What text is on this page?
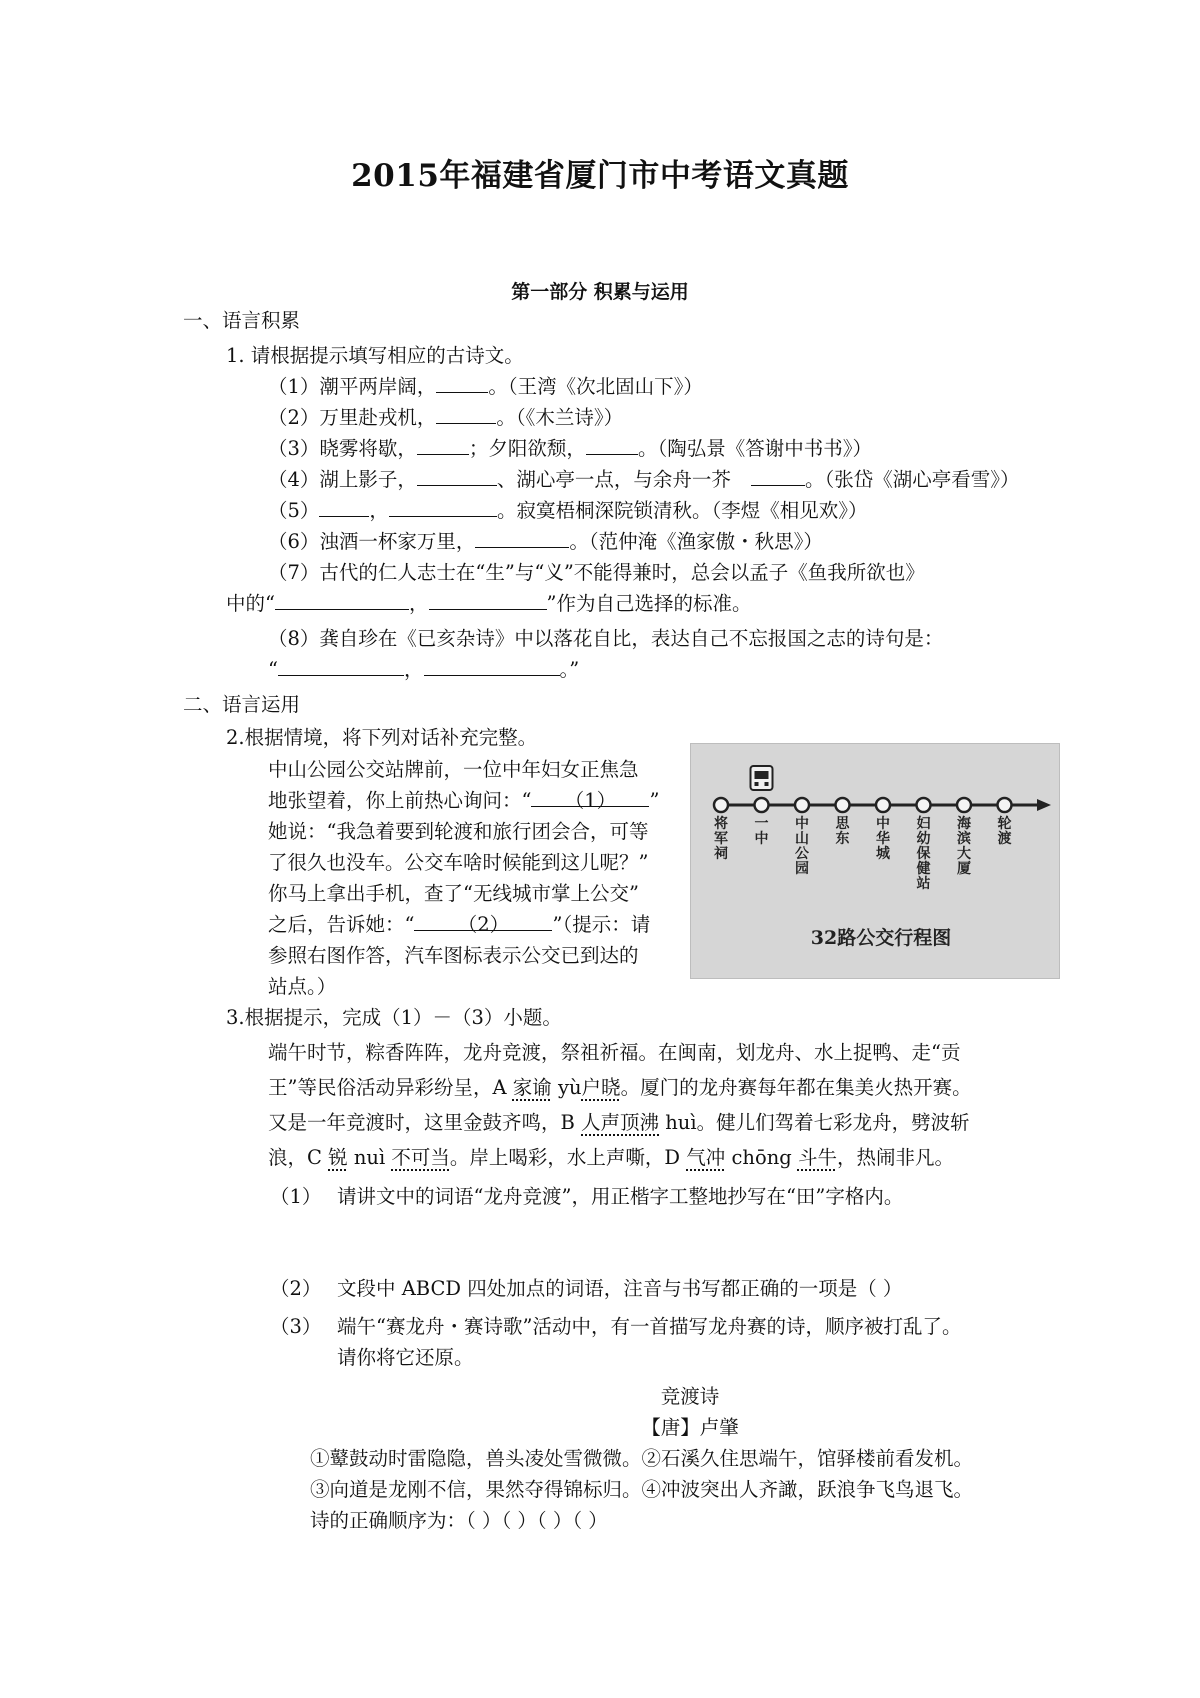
2015年福建省厦门市中考语文真题
第一部分 积累与运用
一、语言积累
1. 请根据提示填写相应的古诗文。
（1）潮平两岸阔，	。（王湾《次北固山下》）
（2）万里赴戎机，	。（《木兰诗》）
（3）晓雾将歇，	；夕阳欲颓，	。（陶弘景《答谢中书书》）
（4）湖上影子，	、湖心亭一点，与余舟一芥	。（张岱《湖心亭看雪》）
（5）	，	。寂寞梧桐深院锁清秋。（李煜《相见欢》）
（6）浊酒一杯家万里，	。（范仲淹《渔家傲・秋思》）
（7）古代的仁人志士在“生”与“义”不能得兼时，总会以孟子《鱼我所欲也》
中的“	，	”作为自己选择的标准。
（8）龚自珍在《已亥杂诗》中以落花自比，表达自己不忘报国之志的诗句是：
“	，	。”
二、语言运用
2.根据情境，将下列对话补充完整。
中山公园公交站牌前，一位中年妇女正焦急
地张望着，你上前热心询问：“ （1） ”
她说：“我急着要到轮渡和旅行团会合，可等
了很久也没车。公交车啥时候能到这儿呢？”
你马上拿出手机，查了“无线城市掌上公交”
之后，告诉她：“ （2） ”（提示：请
参照右图作答，汽车图标表示公交已到达的
站点。）
将军祠
一中
中山公园
思东
中华城
妇幼保健站
海滨大厦
轮渡
32路公交行程图
3.根据提示，完成（1）－（3）小题。
端午时节，粽香阵阵，龙舟竞渡，祭祖祈福。在闽南，划龙舟、水上捉鸭、走“贡
王”等民俗活动异彩纷呈，A 家谕 yù户晓。厦门的龙舟赛每年都在集美火热开赛。
又是一年竞渡时，这里金鼓齐鸣，B 人声顶沸 huì。健儿们驾着七彩龙舟，劈波斩
浪，C 锐 nuì 不可当。岸上喝彩，水上声嘶，D 气冲 chōng 斗牛，热闹非凡。
（1） 请讲文中的词语“龙舟竞渡”，用正楷字工整地抄写在“田”字格内。
（2） 文段中 ABCD 四处加点的词语，注音与书写都正确的一项是（ ）
（3） 端午“赛龙舟・赛诗歌”活动中，有一首描写龙舟赛的诗，顺序被打乱了。
请你将它还原。
竞渡诗
【唐】卢肇
①鼙鼓动时雷隐隐，兽头凌处雪微微。②石溪久住思端午，馆驿楼前看发机。
③向道是龙刚不信，果然夺得锦标归。④冲波突出人齐譀，跃浪争飞鸟退飞。
诗的正确顺序为：（ ）（ ）（ ）（ ）
